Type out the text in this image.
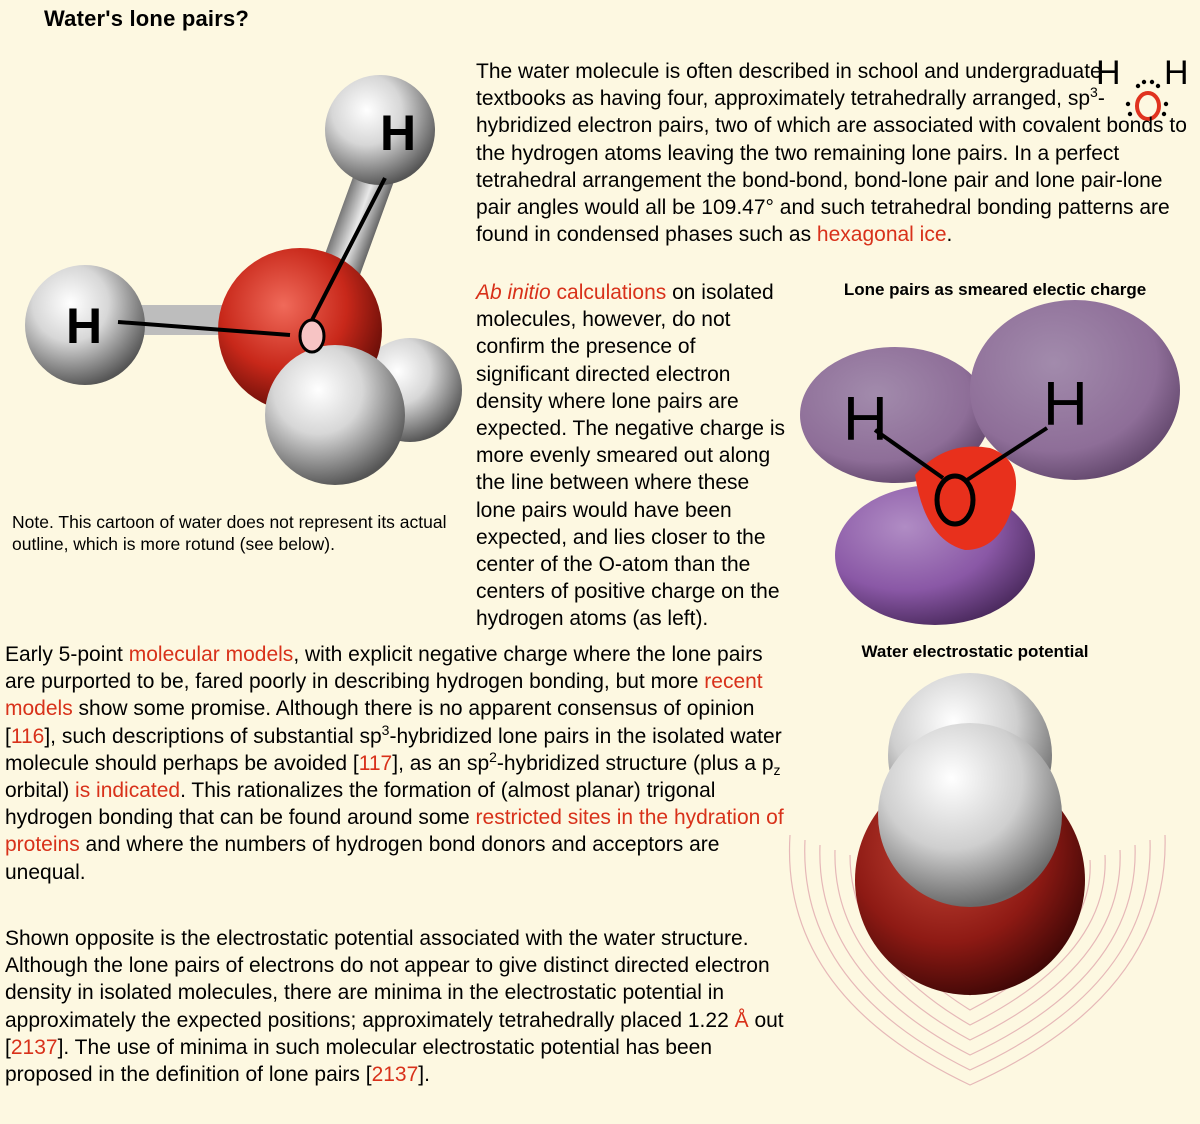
Water's lone pairs?
H
H
Note. This cartoon of water does not represent its actual outline, which is more rotund (see below).
H H
The water molecule is often described in school and undergraduate textbooks as having four, approximately tetrahedrally arranged, $sp^3$-hybridized electron pairs, two of which are associated with covalent bonds to the hydrogen atoms leaving the two remaining lone pairs. In a perfect tetrahedral arrangement the bond-bond, bond-lone pair and lone pair-lone pair angles would all be 109.47° and such tetrahedral bonding patterns are found in condensed phases such as hexagonal ice.
Ab initio calculations on isolated molecules, however, do not confirm the presence of significant directed electron density where lone pairs are expected. The negative charge is more evenly smeared out along the line between where these lone pairs would have been expected, and lies closer to the center of the O-atom than the centers of positive charge on the hydrogen atoms (as left).
Lone pairs as smeared electic charge
H	H
Early 5-point molecular models, with explicit negative charge where the lone pairs are purported to be, fared poorly in describing hydrogen bonding, but more recent models show some promise. Although there is no apparent consensus of opinion [116], such descriptions of substantial $sp^3$-hybridized lone pairs in the isolated water molecule should perhaps be avoided [117], as an $sp^2$-hybridized structure (plus a $p_z$ orbital) is indicated. This rationalizes the formation of (almost planar) trigonal hydrogen bonding that can be found around some restricted sites in the hydration of proteins and where the numbers of hydrogen bond donors and acceptors are unequal.
Water electrostatic potential
Shown opposite is the electrostatic potential associated with the water structure. Although the lone pairs of electrons do not appear to give distinct directed electron density in isolated molecules, there are minima in the electrostatic potential in approximately the expected positions; approximately tetrahedrally placed 1.22 Å out [2137]. The use of minima in such molecular electrostatic potential has been proposed in the definition of lone pairs [2137].
